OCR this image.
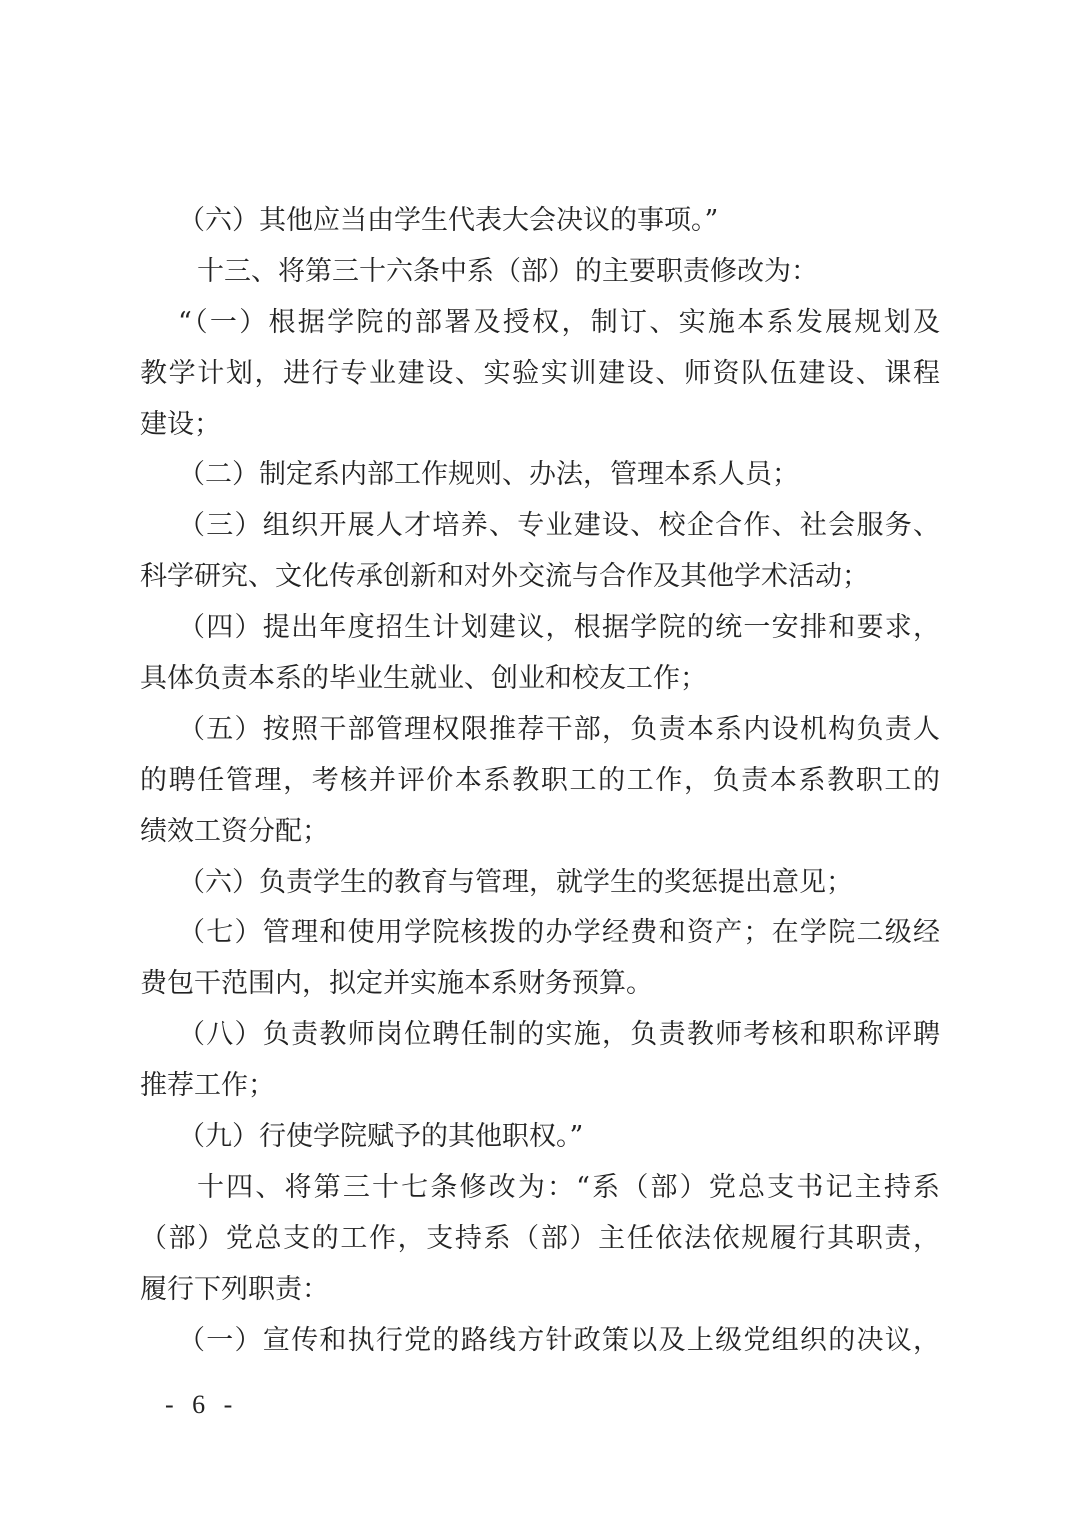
（六）其他应当由学生代表大会决议的事项。”
十三、将第三十六条中系（部）的主要职责修改为：
“（一）根据学院的部署及授权，制订、实施本系发展规划及
教学计划，进行专业建设、实验实训建设、师资队伍建设、课程
建设；
（二）制定系内部工作规则、办法，管理本系人员；
（三）组织开展人才培养、专业建设、校企合作、社会服务、
科学研究、文化传承创新和对外交流与合作及其他学术活动；
（四）提出年度招生计划建议，根据学院的统一安排和要求，
具体负责本系的毕业生就业、创业和校友工作；
（五）按照干部管理权限推荐干部，负责本系内设机构负责人
的聘任管理，考核并评价本系教职工的工作，负责本系教职工的
绩效工资分配；
（六）负责学生的教育与管理，就学生的奖惩提出意见；
（七）管理和使用学院核拨的办学经费和资产；在学院二级经
费包干范围内，拟定并实施本系财务预算。
（八）负责教师岗位聘任制的实施，负责教师考核和职称评聘
推荐工作；
（九）行使学院赋予的其他职权。”
十四、将第三十七条修改为：“系（部）党总支书记主持系
（部）党总支的工作，支持系（部）主任依法依规履行其职责，
履行下列职责：
（一）宣传和执行党的路线方针政策以及上级党组织的决议，
- 6 -
